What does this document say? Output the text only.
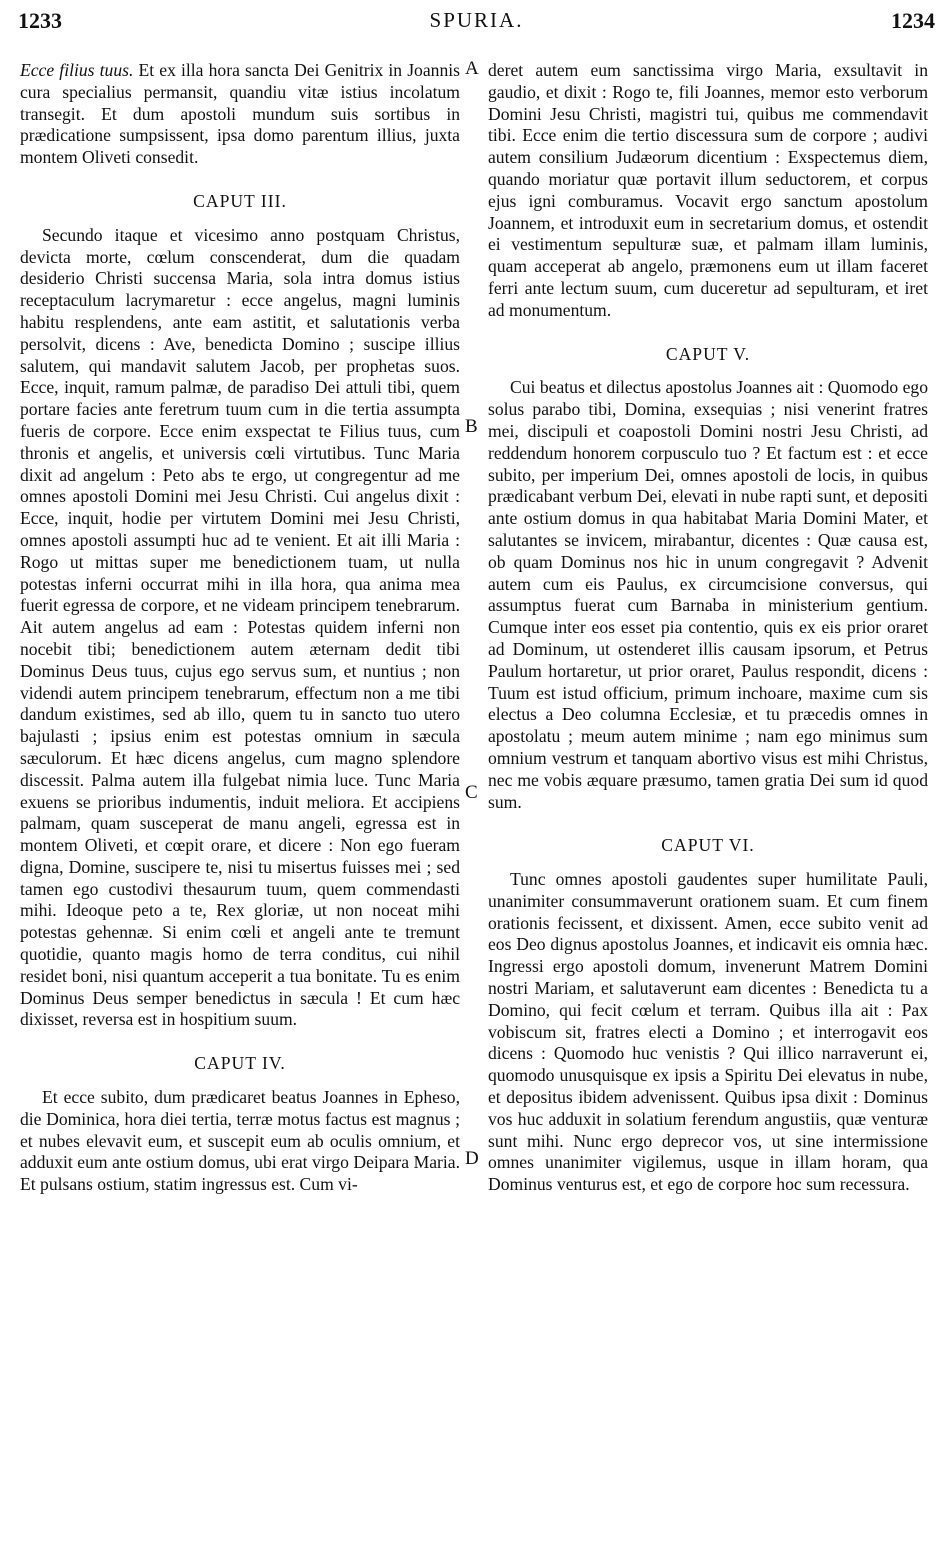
1233	SPURIA.	1234
A
B
C
D

Ecce filius tuus. Et ex illa hora sancta Dei Genitrix in Joannis cura specialius permansit, quandiu vitæ istius incolatum transegit. Et dum apostoli mundum suis sortibus in prædicatione sumpsissent, ipsa domo parentum illius, juxta montem Oliveti consedit.

CAPUT III.

Secundo itaque et vicesimo anno postquam Christus, devicta morte, cœlum conscenderat, dum die quadam desiderio Christi succensa Maria, sola intra domus istius receptaculum lacrymaretur : ecce angelus, magni luminis habitu resplendens, ante eam astitit, et salutationis verba persolvit, dicens : Ave, benedicta Domino ; suscipe illius salutem, qui mandavit salutem Jacob, per prophetas suos. Ecce, inquit, ramum palmæ, de paradiso Dei attuli tibi, quem portare facies ante feretrum tuum cum in die tertia assumpta fueris de corpore. Ecce enim exspectat te Filius tuus, cum thronis et angelis, et universis cœli virtutibus. Tunc Maria dixit ad angelum : Peto abs te ergo, ut congregentur ad me omnes apostoli Domini mei Jesu Christi. Cui angelus dixit : Ecce, inquit, hodie per virtutem Domini mei Jesu Christi, omnes apostoli assumpti huc ad te venient. Et ait illi Maria : Rogo ut mittas super me benedictionem tuam, ut nulla potestas inferni occurrat mihi in illa hora, qua anima mea fuerit egressa de corpore, et ne videam principem tenebrarum. Ait autem angelus ad eam : Potestas quidem inferni non nocebit tibi; benedictionem autem æternam dedit tibi Dominus Deus tuus, cujus ego servus sum, et nuntius ; non videndi autem principem tenebrarum, effectum non a me tibi dandum existimes, sed ab illo, quem tu in sancto tuo utero bajulasti ; ipsius enim est potestas omnium in sæcula sæculorum. Et hæc dicens angelus, cum magno splendore discessit. Palma autem illa fulgebat nimia luce. Tunc Maria exuens se prioribus indumentis, induit meliora. Et accipiens palmam, quam susceperat de manu angeli, egressa est in montem Oliveti, et cœpit orare, et dicere : Non ego fueram digna, Domine, suscipere te, nisi tu misertus fuisses mei ; sed tamen ego custodivi thesaurum tuum, quem commendasti mihi. Ideoque peto a te, Rex gloriæ, ut non noceat mihi potestas gehennæ. Si enim cœli et angeli ante te tremunt quotidie, quanto magis homo de terra conditus, cui nihil residet boni, nisi quantum acceperit a tua bonitate. Tu es enim Dominus Deus semper benedictus in sæcula ! Et cum hæc dixisset, reversa est in hospitium suum.

CAPUT IV.

Et ecce subito, dum prædicaret beatus Joannes in Epheso, die Dominica, hora diei tertia, terræ motus factus est magnus ; et nubes elevavit eum, et suscepit eum ab oculis omnium, et adduxit eum ante ostium domus, ubi erat virgo Deipara Maria. Et pulsans ostium, statim ingressus est. Cum vi-

deret autem eum sanctissima virgo Maria, exsultavit in gaudio, et dixit : Rogo te, fili Joannes, memor esto verborum Domini Jesu Christi, magistri tui, quibus me commendavit tibi. Ecce enim die tertio discessura sum de corpore ; audivi autem consilium Judæorum dicentium : Exspectemus diem, quando moriatur quæ portavit illum seductorem, et corpus ejus igni comburamus. Vocavit ergo sanctum apostolum Joannem, et introduxit eum in secretarium domus, et ostendit ei vestimentum sepulturæ suæ, et palmam illam luminis, quam acceperat ab angelo, præmonens eum ut illam faceret ferri ante lectum suum, cum duceretur ad sepulturam, et iret ad monumentum.

CAPUT V.

Cui beatus et dilectus apostolus Joannes ait : Quomodo ego solus parabo tibi, Domina, exsequias ; nisi venerint fratres mei, discipuli et coapostoli Domini nostri Jesu Christi, ad reddendum honorem corpusculo tuo ? Et factum est : et ecce subito, per imperium Dei, omnes apostoli de locis, in quibus prædicabant verbum Dei, elevati in nube rapti sunt, et depositi ante ostium domus in qua habitabat Maria Domini Mater, et salutantes se invicem, mirabantur, dicentes : Quæ causa est, ob quam Dominus nos hic in unum congregavit ? Advenit autem cum eis Paulus, ex circumcisione conversus, qui assumptus fuerat cum Barnaba in ministerium gentium. Cumque inter eos esset pia contentio, quis ex eis prior oraret ad Dominum, ut ostenderet illis causam ipsorum, et Petrus Paulum hortaretur, ut prior oraret, Paulus respondit, dicens : Tuum est istud officium, primum inchoare, maxime cum sis electus a Deo columna Ecclesiæ, et tu præcedis omnes in apostolatu ; meum autem minime ; nam ego minimus sum omnium vestrum et tanquam abortivo visus est mihi Christus, nec me vobis æquare præsumo, tamen gratia Dei sum id quod sum.

CAPUT VI.

Tunc omnes apostoli gaudentes super humilitate Pauli, unanimiter consummaverunt orationem suam. Et cum finem orationis fecissent, et dixissent. Amen, ecce subito venit ad eos Deo dignus apostolus Joannes, et indicavit eis omnia hæc. Ingressi ergo apostoli domum, invenerunt Matrem Domini nostri Mariam, et salutaverunt eam dicentes : Benedicta tu a Domino, qui fecit cœlum et terram. Quibus illa ait : Pax vobiscum sit, fratres electi a Domino ; et interrogavit eos dicens : Quomodo huc venistis ? Qui illico narraverunt ei, quomodo unusquisque ex ipsis a Spiritu Dei elevatus in nube, et depositus ibidem advenissent. Quibus ipsa dixit : Dominus vos huc adduxit in solatium ferendum angustiis, quæ venturæ sunt mihi. Nunc ergo deprecor vos, ut sine intermissione omnes unanimiter vigilemus, usque in illam horam, qua Dominus venturus est, et ego de corpore hoc sum recessura.
